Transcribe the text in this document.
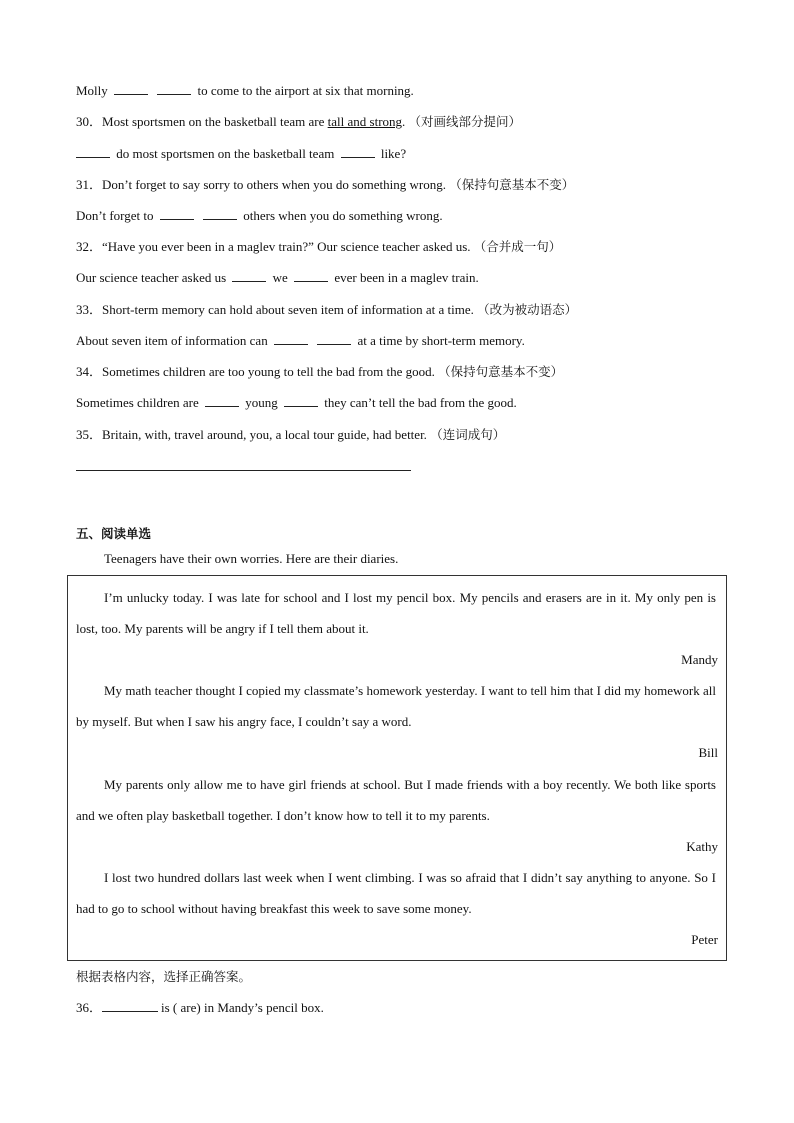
Molly	to come to the airport at six that morning.
30．Most sportsmen on the basketball team are tall and strong. （对画线部分提问）
do most sportsmen on the basketball team	like?
31．Don’t forget to say sorry to others when you do something wrong. （保持句意基本不变）
Don’t forget to	others when you do something wrong.
32．“Have you ever been in a maglev train?” Our science teacher asked us. （合并成一句）
Our science teacher asked us	we	ever been in a maglev train.
33．Short-term memory can hold about seven item of information at a time. （改为被动语态）
About seven item of information can	at a time by short-term memory.
34．Sometimes children are too young to tell the bad from the good. （保持句意基本不变）
Sometimes children are	young	they can’t tell the bad from the good.
35．Britain, with, travel around, you, a local tour guide, had better. （连词成句）
五、阅读单选
Teenagers have their own worries. Here are their diaries.
I’m unlucky today. I was late for school and I lost my pencil box. My pencils and erasers are in it. My only pen is lost, too. My parents will be angry if I tell them about it.
Mandy
My math teacher thought I copied my classmate’s homework yesterday. I want to tell him that I did my homework all by myself. But when I saw his angry face, I couldn’t say a word.
Bill
My parents only allow me to have girl friends at school. But I made friends with a boy recently. We both like sports and we often play basketball together. I don’t know how to tell it to my parents.
Kathy
I lost two hundred dollars last week when I went climbing. I was so afraid that I didn’t say anything to anyone. So I had to go to school without having breakfast this week to save some money.
Peter
根据表格内容，选择正确答案。
36．	is ( are) in Mandy’s pencil box.
